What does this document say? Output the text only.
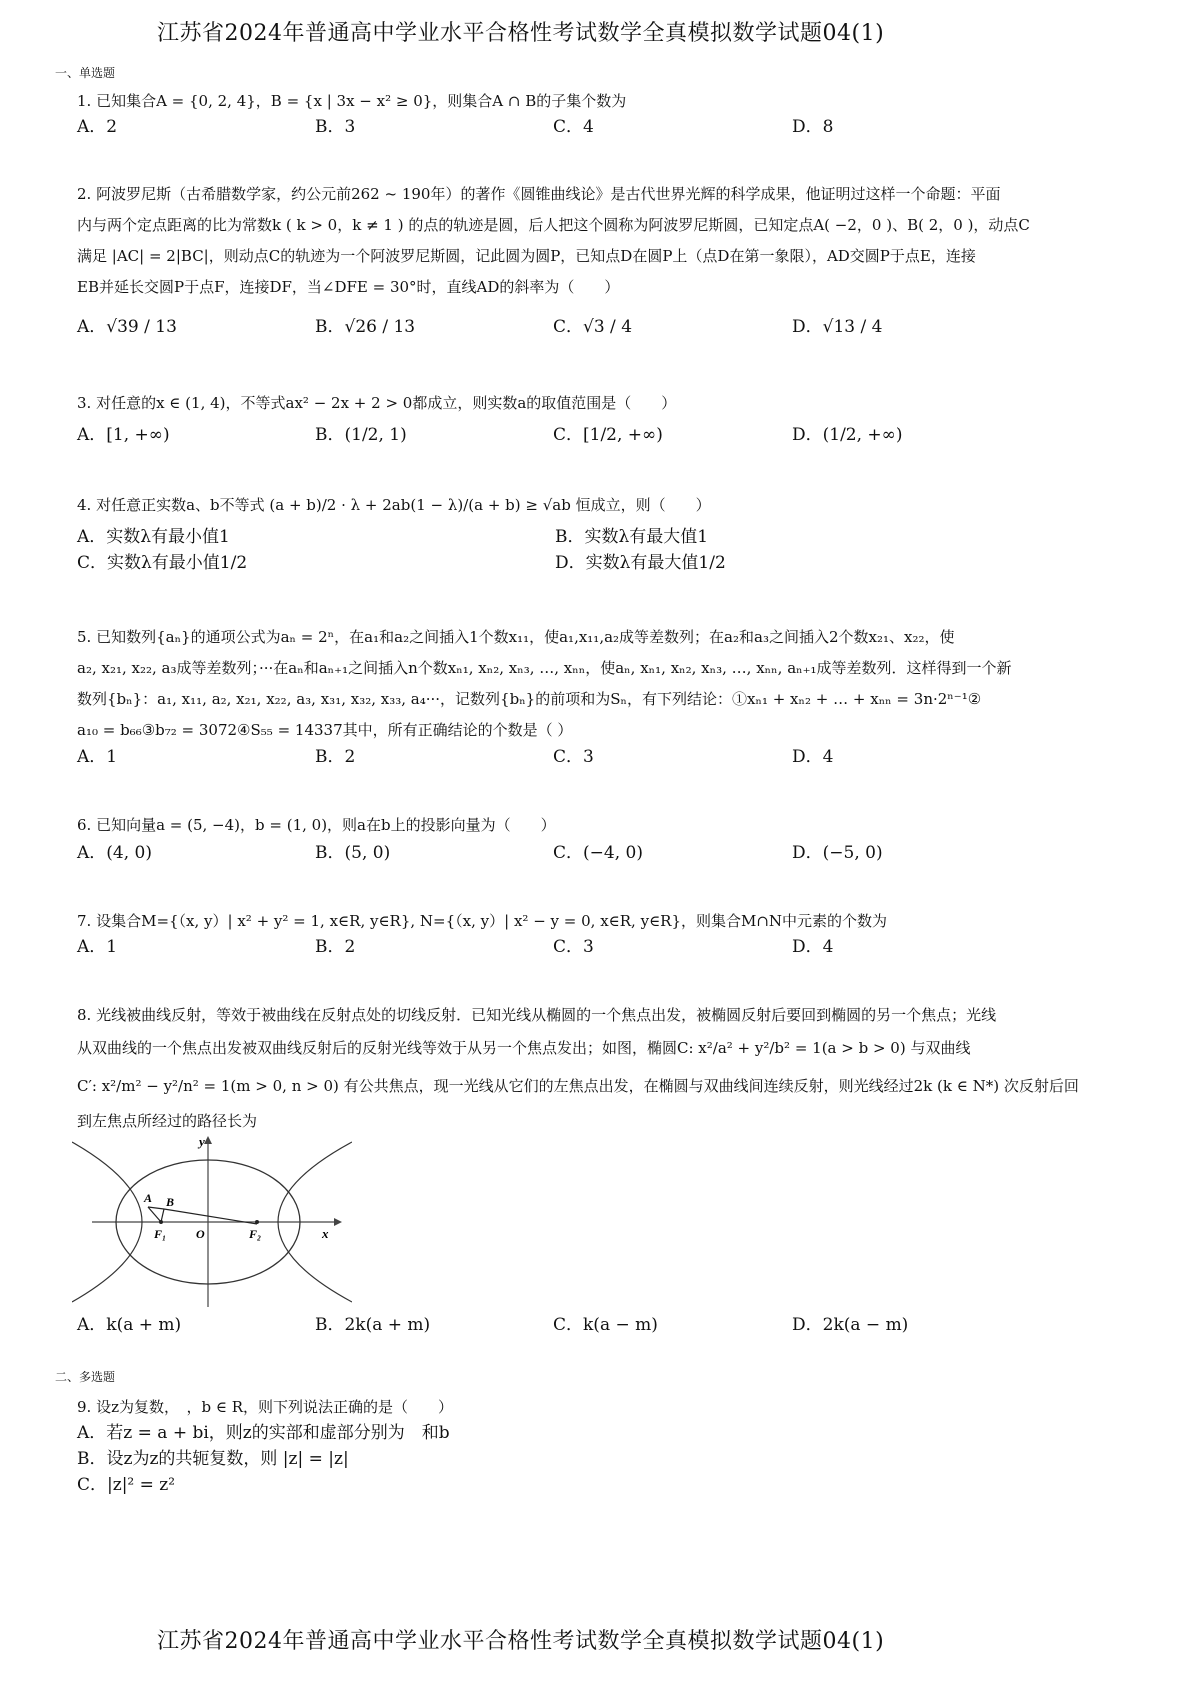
江苏省2024年普通高中学业水平合格性考试数学全真模拟数学试题04(1)
一、单选题
1. 已知集合A = {0, 2, 4}，B = {x | 3x − x² ≥ 0}，则集合A ∩ B的子集个数为
A．2	B．3	C．4	D．8
2. 阿波罗尼斯（古希腊数学家，约公元前262 ~ 190年）的著作《圆锥曲线论》是古代世界光辉的科学成果，他证明过这样一个命题：平面
内与两个定点距离的比为常数k ( k > 0，k ≠ 1 ) 的点的轨迹是圆，后人把这个圆称为阿波罗尼斯圆，已知定点A( −2，0 )、B( 2，0 )，动点C
满足 |AC| = 2|BC|，则动点C的轨迹为一个阿波罗尼斯圆，记此圆为圆P，已知点D在圆P上（点D在第一象限），AD交圆P于点E，连接
EB并延长交圆P于点F，连接DF，当∠DFE = 30°时，直线AD的斜率为（　　）
A．√39 / 13	B．√26 / 13	C．√3 / 4	D．√13 / 4
3. 对任意的x ∈ (1, 4)，不等式ax² − 2x + 2 > 0都成立，则实数a的取值范围是（　　）
A．[1, +∞)	B．(1/2, 1)	C．[1/2, +∞)	D．(1/2, +∞)
4. 对任意正实数a、b不等式 (a + b)/2 · λ + 2ab(1 − λ)/(a + b) ≥ √ab 恒成立，则（　　）
A．实数λ有最小值1	B．实数λ有最大值1
C．实数λ有最小值1/2	D．实数λ有最大值1/2
5. 已知数列{aₙ}的通项公式为aₙ = 2ⁿ，在a₁和a₂之间插入1个数x₁₁，使a₁,x₁₁,a₂成等差数列；在a₂和a₃之间插入2个数x₂₁、x₂₂，使
a₂, x₂₁, x₂₂, a₃成等差数列；···在aₙ和aₙ₊₁之间插入n个数xₙ₁, xₙ₂, xₙ₃, …, xₙₙ，使aₙ, xₙ₁, xₙ₂, xₙ₃, …, xₙₙ, aₙ₊₁成等差数列．这样得到一个新
数列{bₙ}：a₁, x₁₁, a₂, x₂₁, x₂₂, a₃, x₃₁, x₃₂, x₃₃, a₄···，记数列{bₙ}的前项和为Sₙ，有下列结论：①xₙ₁ + xₙ₂ + … + xₙₙ = 3n·2ⁿ⁻¹②
a₁₀ = b₆₆③b₇₂ = 3072④S₅₅ = 14337其中，所有正确结论的个数是（ ）
A．1	B．2	C．3	D．4
6. 已知向量a = (5, −4)，b = (1, 0)，则a在b上的投影向量为（　　）
A．(4, 0)	B．(5, 0)	C．(−4, 0)	D．(−5, 0)
7. 设集合M={（x, y）| x² + y² = 1, x∈R, y∈R}, N={（x, y）| x² − y = 0, x∈R, y∈R}，则集合M∩N中元素的个数为
A．1	B．2	C．3	D．4
8. 光线被曲线反射，等效于被曲线在反射点处的切线反射．已知光线从椭圆的一个焦点出发，被椭圆反射后要回到椭圆的另一个焦点；光线
从双曲线的一个焦点出发被双曲线反射后的反射光线等效于从另一个焦点发出；如图，椭圆C: x²/a² + y²/b² = 1(a > b > 0) 与双曲线
C′: x²/m² − y²/n² = 1(m > 0, n > 0) 有公共焦点，现一光线从它们的左焦点出发，在椭圆与双曲线间连续反射，则光线经过2k (k ∈ N*) 次反射后回
到左焦点所经过的路径长为
y
x
O
A B
F₁	F₂
A．k(a + m)	B．2k(a + m)	C．k(a − m)	D．2k(a − m)
二、多选题
9. 设z为复数，　，b ∈ R，则下列说法正确的是（　　）
A．若z = a + bi，则z的实部和虚部分别为　和b
B．设z为z的共轭复数，则 |z| = |z|
C．|z|² = z²
江苏省2024年普通高中学业水平合格性考试数学全真模拟数学试题04(1)
